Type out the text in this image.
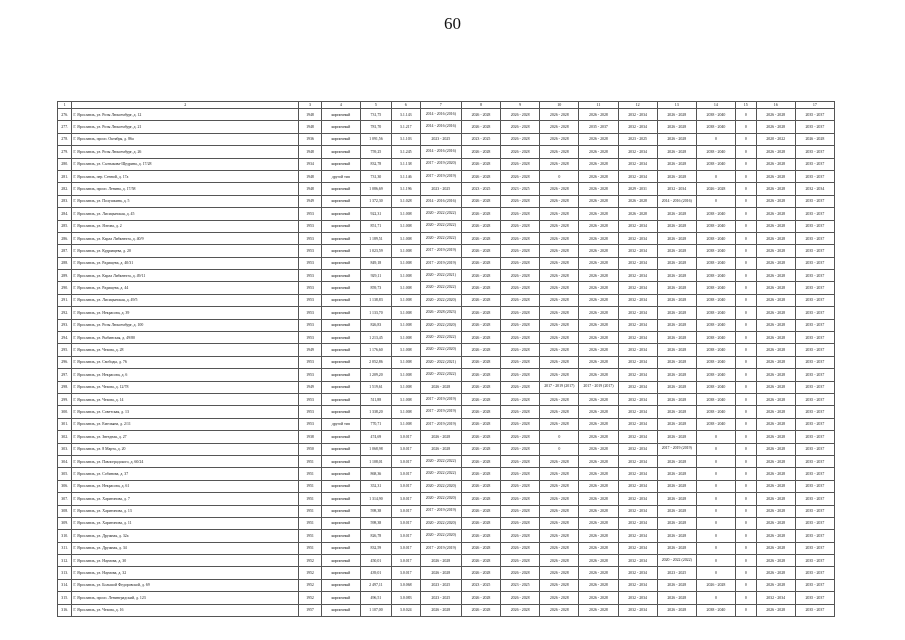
60
1	2	3	4	5	6	7	8	9	10	11	12	13	14	15	16	17
276.	Г. Ярославль, ул. Розы Люксембург, д. 12	1948	кирпичный	731,75	3.1.143	2014 - 2016 (2016)	2026 - 2028	2026 - 2028	2026 - 2028	2026 - 2028	2032 - 2034	2026 - 2028	2038 - 2040	0	2026 - 2028	2035 - 2037
277.	Г. Ярославль, ул. Розы Люксембург, д. 21	1948	кирпичный	781,70	3.1.217	2014 - 2016 (2016)	2026 - 2028	2026 - 2028	2026 - 2028	2035 - 2037	2032 - 2034	2026 - 2028	2038 - 2040	0	2026 - 2028	2035 - 2037
278.	Г. Ярославль, просп. Октября, д. 86а	1936	кирпичный	1 091,56	3.1.103	2023 - 2025	2023 - 2025	2026 - 2028	2026 - 2028	2026 - 2028	2023 - 2025	2026 - 2028	0	0	2020 - 2022	2026 - 2028
279.	Г. Ярославль, ул. Розы Люксембург, д. 26	1948	кирпичный	759,25	3.1.245	2014 - 2016 (2016)	2026 - 2028	2026 - 2028	2026 - 2028	2026 - 2028	2032 - 2034	2026 - 2028	2038 - 2040	0	2026 - 2028	2035 - 2037
280.	Г. Ярославль, ул. Салтыкова-Щедрина, д. 17/28	1934	кирпичный	832,78	3.1.138	2017 - 2019 (2020)	2026 - 2028	2026 - 2028	2026 - 2028	2026 - 2028	2032 - 2034	2026 - 2028	2038 - 2040	0	2026 - 2028	2035 - 2037
281.	Г. Ярославль, пер. Сенной, д. 17а	1948	другой тип	731,30	3.1.146	2017 - 2019 (2019)	2026 - 2028	2026 - 2028	0	2026 - 2028	2032 - 2034	2026 - 2028	0	0	2026 - 2028	2035 - 2037
282.	Г. Ярославль, просп. Ленина, д. 17/58	1948	кирпичный	1 086,69	3.1.196	2023 - 2025	2023 - 2025	2023 - 2025	2026 - 2028	2026 - 2028	2029 - 2031	2032 - 2034	2026 - 2028	0	2026 - 2028	2032 - 2034
283.	Г. Ярославль, ул. Полушкина, д. 5	1949	кирпичный	1 372,30	3.1.028	2014 - 2016 (2016)	2026 - 2028	2026 - 2028	2026 - 2028	2026 - 2028	2026 - 2028	2014 - 2016 (2016)	0	0	2026 - 2028	2035 - 2037
284.	Г. Ярославль, ул. Лисицынская, д. 45	1953	кирпичный	922,31	3.1.008	2020 - 2022 (2022)	2026 - 2028	2026 - 2028	2026 - 2028	2026 - 2028	2026 - 2028	2026 - 2028	2038 - 2040	0	2026 - 2028	2035 - 2037
285.	Г. Ярославль, ул. Ялтова, д. 2	1953	кирпичный	851,71	3.1.008	2020 - 2022 (2022)	2026 - 2028	2026 - 2028	2026 - 2028	2026 - 2028	2032 - 2034	2026 - 2028	2038 - 2040	0	2026 - 2028	2035 - 2037
286.	Г. Ярославль, ул. Карла Либкнехта, д. 40/9	1953	кирпичный	1 189,51	3.1.008	2020 - 2022 (2022)	2026 - 2028	2026 - 2028	2026 - 2028	2026 - 2028	2032 - 2034	2026 - 2028	2038 - 2040	0	2026 - 2028	2035 - 2037
287.	Г. Ярославль, ул. Кудрявцева, д. 20	1953	кирпичный	1 023,59	3.1.008	2017 - 2019 (2019)	2026 - 2028	2026 - 2028	2026 - 2028	2026 - 2028	2032 - 2034	2026 - 2028	2038 - 2040	0	2026 - 2028	2035 - 2037
288.	Г. Ярославль, ул. Радищева, д. 40/31	1953	кирпичный	849,18	3.1.008	2017 - 2019 (2019)	2026 - 2028	2026 - 2028	2026 - 2028	2026 - 2028	2032 - 2034	2026 - 2028	2038 - 2040	0	2026 - 2028	2035 - 2037
289.	Г. Ярославль, ул. Карла Либкнехта, д. 49/11	1953	кирпичный	929,11	3.1.008	2020 - 2022 (2021)	2026 - 2028	2026 - 2028	2026 - 2028	2026 - 2028	2032 - 2034	2026 - 2028	2038 - 2040	0	2026 - 2028	2035 - 2037
290.	Г. Ярославль, ул. Радищева, д. 44	1953	кирпичный	859,73	3.1.008	2020 - 2022 (2022)	2026 - 2028	2026 - 2028	2026 - 2028	2026 - 2028	2032 - 2034	2026 - 2028	2038 - 2040	0	2026 - 2028	2035 - 2037
291.	Г. Ярославль, ул. Лисицынская, д. 49/5	1953	кирпичный	1 138,83	3.1.008	2020 - 2022 (2020)	2026 - 2028	2026 - 2028	2026 - 2028	2026 - 2028	2032 - 2034	2026 - 2028	2038 - 2040	0	2026 - 2028	2035 - 2037
292.	Г. Ярославль, ул. Некрасова, д. 39	1953	кирпичный	1 133,70	3.1.008	2026 - 2028 (2023)	2026 - 2028	2026 - 2028	2026 - 2028	2026 - 2028	2032 - 2034	2026 - 2028	2038 - 2040	0	2026 - 2028	2035 - 2037
293.	Г. Ярославль, ул. Розы Люксембург, д. 100	1953	кирпичный	826,83	3.1.008	2020 - 2022 (2020)	2026 - 2028	2026 - 2028	2026 - 2028	2026 - 2028	2032 - 2034	2026 - 2028	2038 - 2040	0	2026 - 2028	2035 - 2037
294.	Г. Ярославль, ул. Рыбинская, д. 49/80	1953	кирпичный	1 213,45	3.1.008	2020 - 2022 (2022)	2026 - 2028	2026 - 2028	2026 - 2028	2026 - 2028	2032 - 2034	2026 - 2028	2038 - 2040	0	2026 - 2028	2035 - 2037
295.	Г. Ярославль, ул. Чехова, д. 28	1949	кирпичный	1 176,60	3.1.008	2020 - 2022 (2020)	2026 - 2028	2026 - 2028	2026 - 2028	2026 - 2028	2032 - 2034	2026 - 2028	2038 - 2040	0	2026 - 2028	2035 - 2037
296.	Г. Ярославль, ул. Свободы, д. 76	1953	кирпичный	2 052,86	3.1.008	2020 - 2022 (2021)	2026 - 2028	2026 - 2028	2026 - 2028	2026 - 2028	2032 - 2034	2026 - 2028	2038 - 2040	0	2026 - 2028	2035 - 2037
297.	Г. Ярославль, ул. Некрасова, д. 6	1953	кирпичный	1 209,20	3.1.008	2020 - 2022 (2022)	2026 - 2028	2026 - 2028	2026 - 2028	2026 - 2028	2032 - 2034	2026 - 2028	2038 - 2040	0	2026 - 2028	2035 - 2037
298.	Г. Ярославль, ул. Чехова, д. 12/78	1949	кирпичный	1 519,61	3.1.008	2026 - 2028	2026 - 2028	2026 - 2028	2017 - 2019 (2017)	2017 - 2019 (2017)	2032 - 2034	2026 - 2028	2038 - 2040	0	2026 - 2028	2035 - 2037
299.	Г. Ярославль, ул. Чехова, д. 14	1953	кирпичный	511,88	3.1.008	2017 - 2019 (2019)	2026 - 2028	2026 - 2028	2026 - 2028	2026 - 2028	2032 - 2034	2026 - 2028	2038 - 2040	0	2026 - 2028	2035 - 2037
300.	Г. Ярославль, ул. Советская, д. 13	1953	кирпичный	1 338,20	3.1.008	2017 - 2019 (2019)	2026 - 2028	2026 - 2028	2026 - 2028	2026 - 2028	2032 - 2034	2026 - 2028	2038 - 2040	0	2026 - 2028	2035 - 2037
301.	Г. Ярославль, ул. Емельяна, д. 2/11	1953	другой тип	770,71	3.1.008	2017 - 2019 (2019)	2026 - 2028	2026 - 2028	2026 - 2028	2026 - 2028	2032 - 2034	2026 - 2028	2038 - 2040	0	2026 - 2028	2035 - 2037
302.	Г. Ярославль, ул. Звездная, д. 27	1938	кирпичный	474,69	3.0.017	2026 - 2028	2026 - 2028	2026 - 2028	0	2026 - 2028	2032 - 2034	2026 - 2028	0	0	2026 - 2028	2035 - 2037
303.	Г. Ярославль, ул. 8 Марта, д. 20	1950	кирпичный	1 068,98	3.0.017	2026 - 2028	2026 - 2028	2026 - 2028	0	2026 - 2028	2032 - 2034	2017 - 2019 (2019)	0	0	2026 - 2028	2035 - 2037
304.	Г. Ярославль, ул. Павлоградского, д. 60/24	1951	кирпичный	1 108,01	3.0.017	2020 - 2022 (2022)	2026 - 2028	2026 - 2028	2026 - 2028	2026 - 2028	2032 - 2034	2026 - 2028	0	0	2026 - 2028	2035 - 2037
305.	Г. Ярославль, ул. Собинова, д. 37	1951	кирпичный	868,36	3.0.017	2020 - 2022 (2022)	2026 - 2028	2026 - 2028	2026 - 2028	2026 - 2028	2032 - 2034	2026 - 2028	0	0	2026 - 2028	2035 - 2037
306.	Г. Ярославль, ул. Некрасова, д. 61	1951	кирпичный	352,31	3.0.017	2020 - 2022 (2020)	2026 - 2028	2026 - 2028	2026 - 2028	2026 - 2028	2032 - 2034	2026 - 2028	0	0	2026 - 2028	2035 - 2037
307.	Г. Ярославль, ул. Харитонова, д. 7	1951	кирпичный	1 314,90	3.0.017	2020 - 2022 (2020)	2026 - 2028	2026 - 2028	2026 - 2028	2026 - 2028	2032 - 2034	2026 - 2028	0	0	2026 - 2028	2035 - 2037
308.	Г. Ярославль, ул. Харитонова, д. 13	1951	кирпичный	598,38	3.0.017	2017 - 2019 (2019)	2026 - 2028	2026 - 2028	2026 - 2028	2026 - 2028	2032 - 2034	2026 - 2028	0	0	2026 - 2028	2035 - 2037
309.	Г. Ярославль, ул. Харитонова, д. 11	1951	кирпичный	598,38	3.0.017	2020 - 2022 (2020)	2026 - 2028	2026 - 2028	2026 - 2028	2026 - 2028	2032 - 2034	2026 - 2028	0	0	2026 - 2028	2035 - 2037
310.	Г. Ярославль, ул. Дружная, д. 32а	1951	кирпичный	826,78	3.0.017	2020 - 2022 (2020)	2026 - 2028	2026 - 2028	2026 - 2028	2026 - 2028	2032 - 2034	2026 - 2028	0	0	2026 - 2028	2035 - 2037
311.	Г. Ярославль, ул. Дружная, д. 34	1951	кирпичный	832,59	3.0.017	2017 - 2019 (2019)	2026 - 2028	2026 - 2028	2026 - 2028	2026 - 2028	2032 - 2034	2026 - 2028	0	0	2026 - 2028	2035 - 2037
312.	Г. Ярославль, ул. Наумова, д. 30	1952	кирпичный	450,01	3.0.017	2026 - 2028	2026 - 2028	2026 - 2028	2026 - 2028	2026 - 2028	2032 - 2034	2020 - 2022 (2022)	0	0	2026 - 2028	2035 - 2037
313.	Г. Ярославль, ул. Наумова, д. 32	1952	кирпичный	439,01	3.0.017	2026 - 2028	2026 - 2028	2026 - 2028	2026 - 2028	2026 - 2028	2032 - 2034	2023 - 2025	0	0	2026 - 2028	2035 - 2037
314.	Г. Ярославль, ул. Большой Федоровской, д. 69	1952	кирпичный	2 497,11	3.0.068	2023 - 2025	2023 - 2025	2023 - 2025	2026 - 2028	2026 - 2028	2032 - 2034	2026 - 2028	2026 - 2028	0	2026 - 2028	2035 - 2037
315.	Г. Ярославль, просп. Ленинградский, д. 123	1952	кирпичный	496,51	3.0.083	2023 - 2025	2026 - 2028	2026 - 2028	2026 - 2028	2026 - 2028	2032 - 2034	2026 - 2028	0	0	2032 - 2034	2035 - 2037
316.	Г. Ярославль, ул. Чехова, д. 16	1957	кирпичный	1 107,00	3.0.024	2026 - 2028	2026 - 2028	2026 - 2028	2026 - 2028	2026 - 2028	2032 - 2034	2026 - 2028	2038 - 2040	0	2026 - 2028	2035 - 2037
